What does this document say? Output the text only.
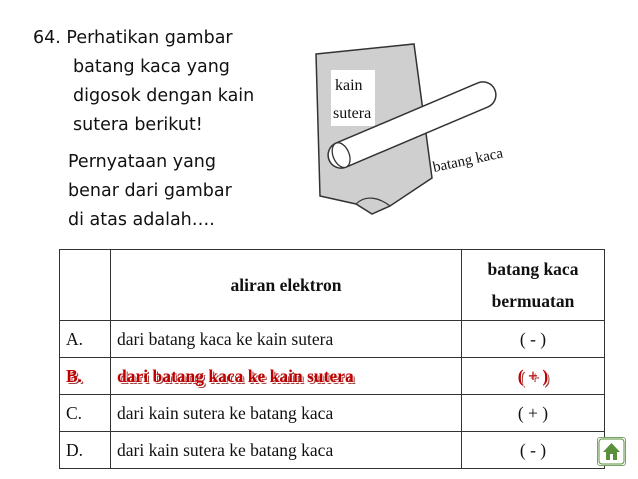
64. Perhatikan gambar
batang kaca yang
digosok dengan kain
sutera berikut!
Pernyataan yang
benar dari gambar
di atas adalah….
kain
sutera
batang kaca
	aliran elektron	batang kaca
bermuatan

A.	dari batang kaca ke kain sutera	( - )
B.	dari batang kaca ke kain sutera	( + )
C.	dari kain sutera ke batang kaca	( + )
D.	dari kain sutera ke batang kaca	( - )
